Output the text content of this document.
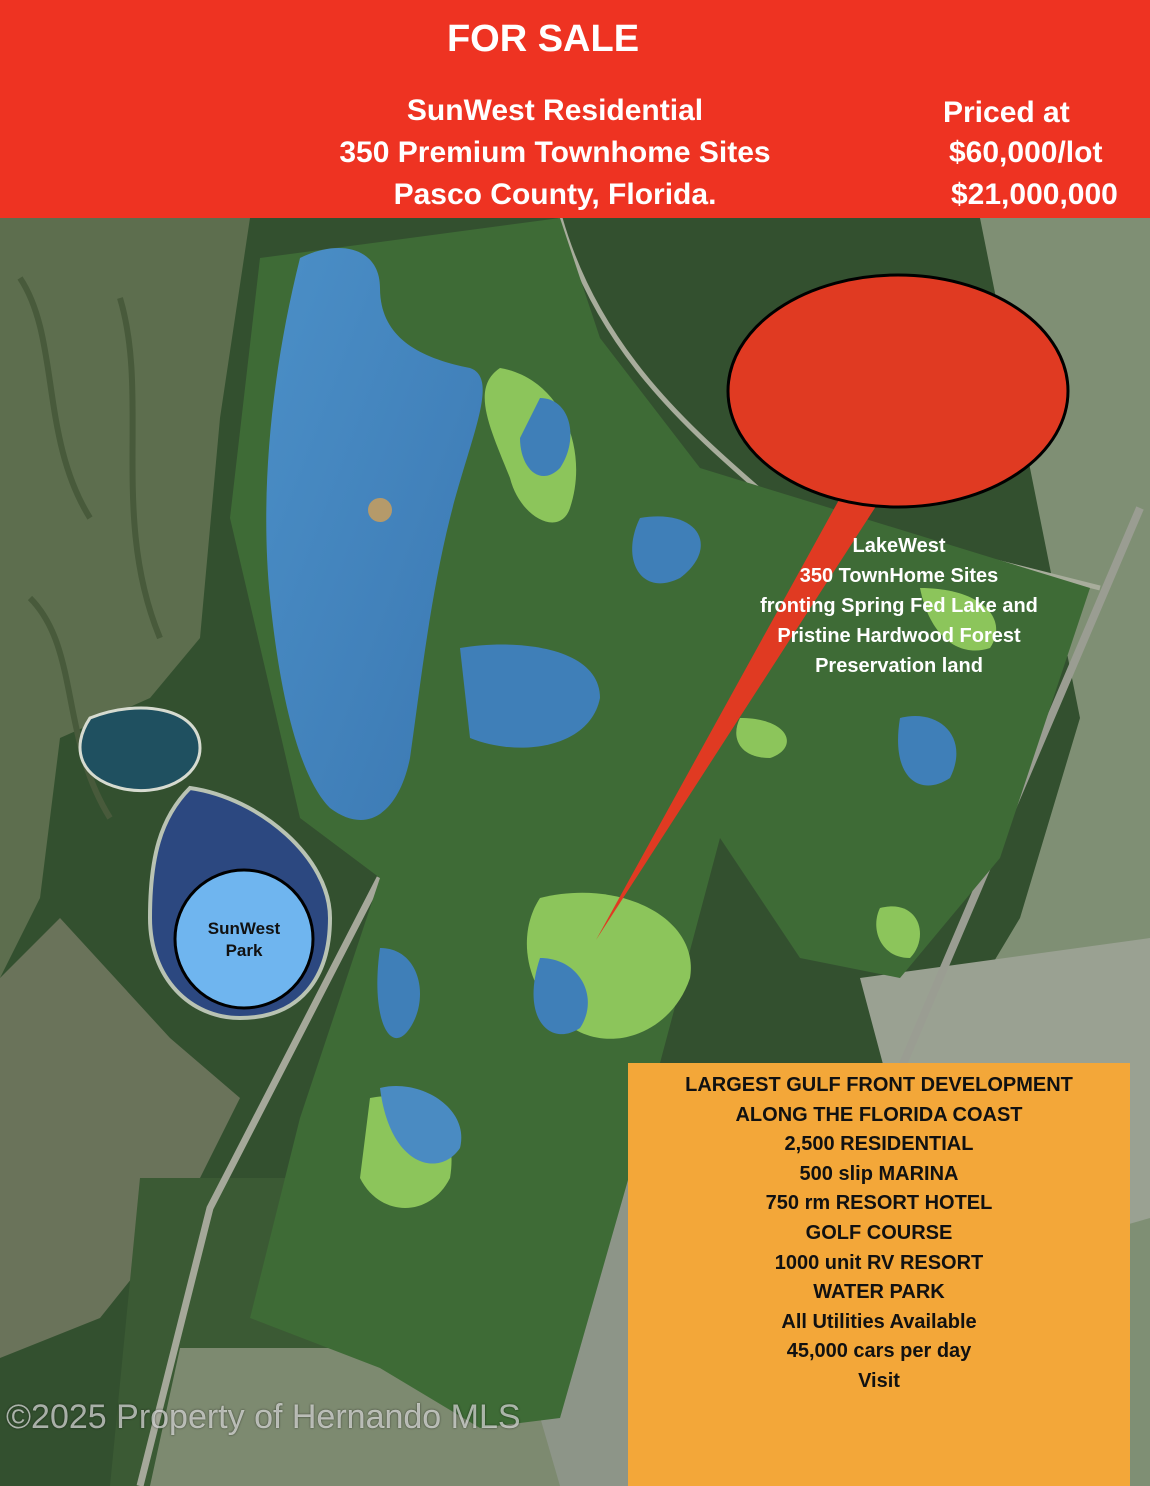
FOR SALE
SunWest Residential
350 Premium Townhome Sites
Pasco County, Florida.
Priced at
$60,000/lot
$21,000,000
LakeWest
350 TownHome Sites
fronting Spring Fed Lake and
Pristine Hardwood Forest
Preservation land
SunWest
Park
LARGEST GULF FRONT DEVELOPMENT
ALONG THE FLORIDA COAST
2,500 RESIDENTIAL
500 slip MARINA
750 rm RESORT HOTEL
GOLF COURSE
1000 unit RV RESORT
WATER PARK
All Utilities Available
45,000 cars per day
Visit
©2025 Property of Hernando MLS
